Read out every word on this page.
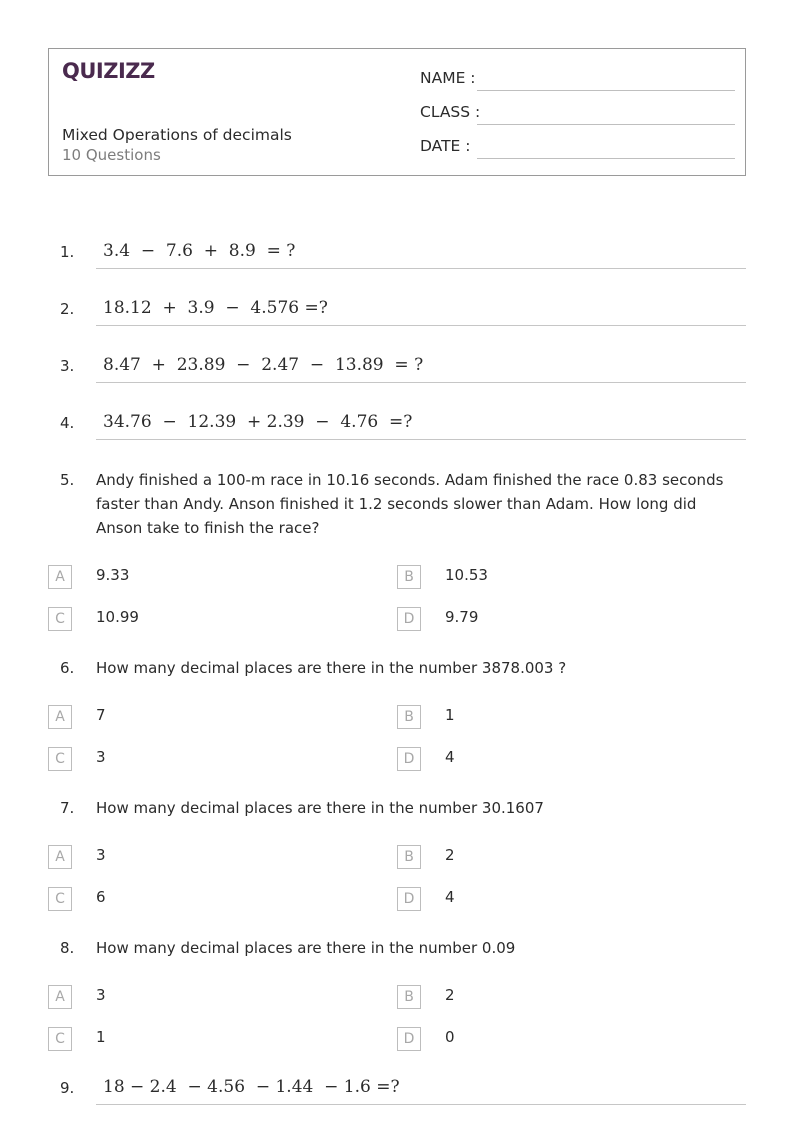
QUIZIZZ
Mixed Operations of decimals
10 Questions
NAME :
CLASS :
DATE :
1.	3.4  −  7.6  +  8.9  = ?
2.	18.12  +  3.9  −  4.576 =?
3.	8.47  +  23.89  −  2.47  −  13.89  = ?
4.	34.76  −  12.39  + 2.39  −  4.76  =?
5. Andy finished a 100-m race in 10.16 seconds. Adam finished the race 0.83 seconds faster than Andy. Anson finished it 1.2 seconds slower than Adam. How long did Anson take to finish the race?
A	9.33	B	10.53
C	10.99	D	9.79
6. How many decimal places are there in the number 3878.003 ?
A	7	B	1
C	3	D	4
7. How many decimal places are there in the number 30.1607
A	3	B	2
C	6	D	4
8. How many decimal places are there in the number 0.09
A	3	B	2
C	1	D	0
9.	18 − 2.4  − 4.56  − 1.44  − 1.6 =?
